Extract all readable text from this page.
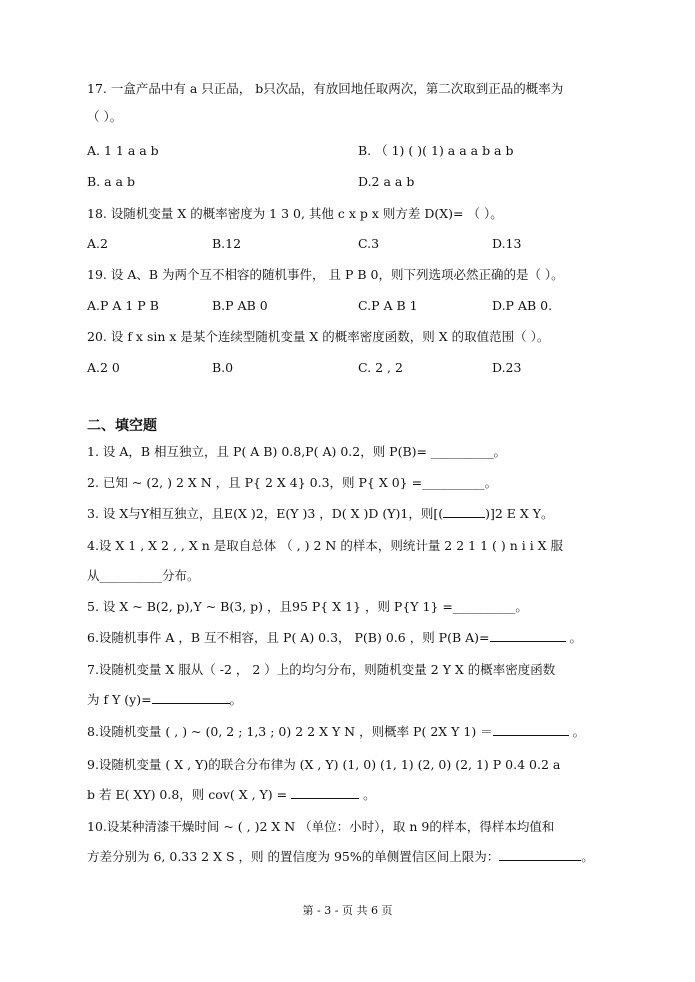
17. 一盒产品中有 a 只正品， b只次品，有放回地任取两次，第二次取到正品的概率为
（ ）。
A. 1 1 a a b	B. （ 1) ( )( 1) a a a b a b
B. a a b	D.2 a a b
18. 设随机变量 X 的概率密度为 1 3 0, 其他 c x p x 则方差 D(X)= （ ）。
A.2	B.12	C.3	D.13
19. 设 A、B 为两个互不相容的随机事件， 且 P B 0，则下列选项必然正确的是（ ）。
A.P A 1 P B	B.P AB 0	C.P A B 1	D.P AB 0.
20. 设 f x sin x 是某个连续型随机变量 X 的概率密度函数，则 X 的取值范围（ ）。
A.2 0	B.0	C. 2 , 2	D.23
二、填空题
1. 设 A，B 相互独立，且 P( A B) 0.8,P( A) 0.2，则 P(B)= __________。
2. 已知 ~ (2, ) 2 X N ，且 P{ 2 X 4} 0.3，则 P{ X 0} =__________。
3. 设 X与Y相互独立，且E(X )2，E(Y )3 ，D( X )D (Y)1，则[(	)]2 E X Y。
4.设 X 1 , X 2 , , X n 是取自总体 （ , ) 2 N 的样本，则统计量 2 2 1 1 ( ) n i i X 服
从__________分布。
5. 设 X ~ B(2, p),Y ~ B(3, p) ，且95 P{ X 1} ，则 P{Y 1} =__________。
6.设随机事件 A ，B 互不相容，且 P( A) 0.3， P(B) 0.6 ，则 P(B A)=	。
7.设随机变量 X 服从（ -2 ， 2 ）上的均匀分布，则随机变量 2 Y X 的概率密度函数
为 f Y (y)=	。
8.设随机变量 ( , ) ~ (0, 2 ; 1,3 ; 0) 2 2 X Y N ，则概率 P( 2X Y 1) ＝	。
9.设随机变量 ( X , Y)的联合分布律为 (X , Y) (1, 0) (1, 1) (2, 0) (2, 1) P 0.4 0.2 a
b 若 E( XY) 0.8，则 cov( X , Y) =	。
10.设某种清漆干燥时间 ~ ( , )2 X N （单位：小时），取 n 9的样本，得样本均值和
方差分别为 6, 0.33 2 X S ，则 的置信度为 95%的单侧置信区间上限为：	。
第 - 3 - 页 共 6 页
